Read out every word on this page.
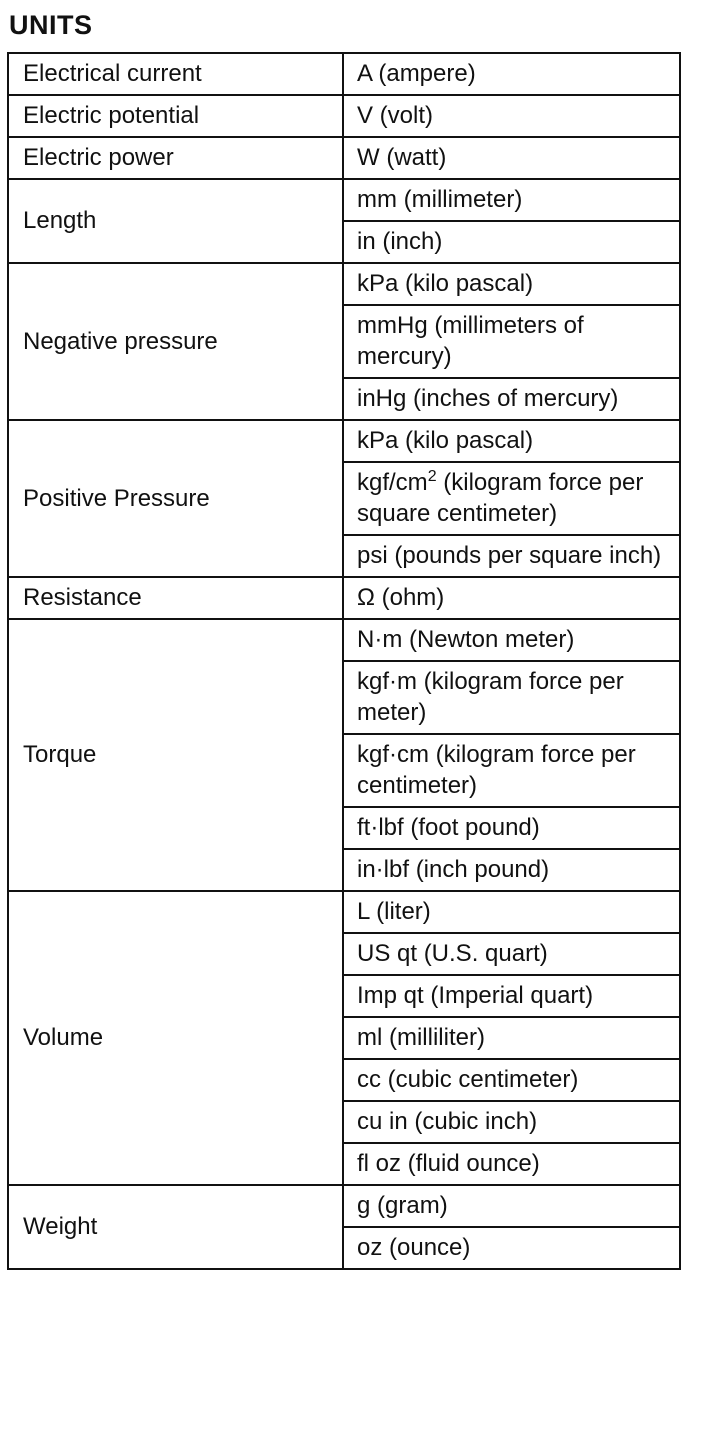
UNITS
Electrical current	A (ampere)
Electric potential	V (volt)
Electric power	W (watt)
Length	mm (millimeter)
	in (inch)
Negative pressure	kPa (kilo pascal)
	mmHg (millimeters of mercury)
	inHg (inches of mercury)
Positive Pressure	kPa (kilo pascal)
	kgf/$cm^2$ (kilogram force per square centimeter)
	psi (pounds per square inch)
Resistance	Ω (ohm)
Torque	N·m (Newton meter)
	kgf·m (kilogram force per meter)
	kgf·cm (kilogram force per centimeter)
	ft·lbf (foot pound)
	in·lbf (inch pound)
Volume	L (liter)
	US qt (U.S. quart)
	Imp qt (Imperial quart)
	ml (milliliter)
	cc (cubic centimeter)
	cu in (cubic inch)
	fl oz (fluid ounce)
Weight	g (gram)
	oz (ounce)
